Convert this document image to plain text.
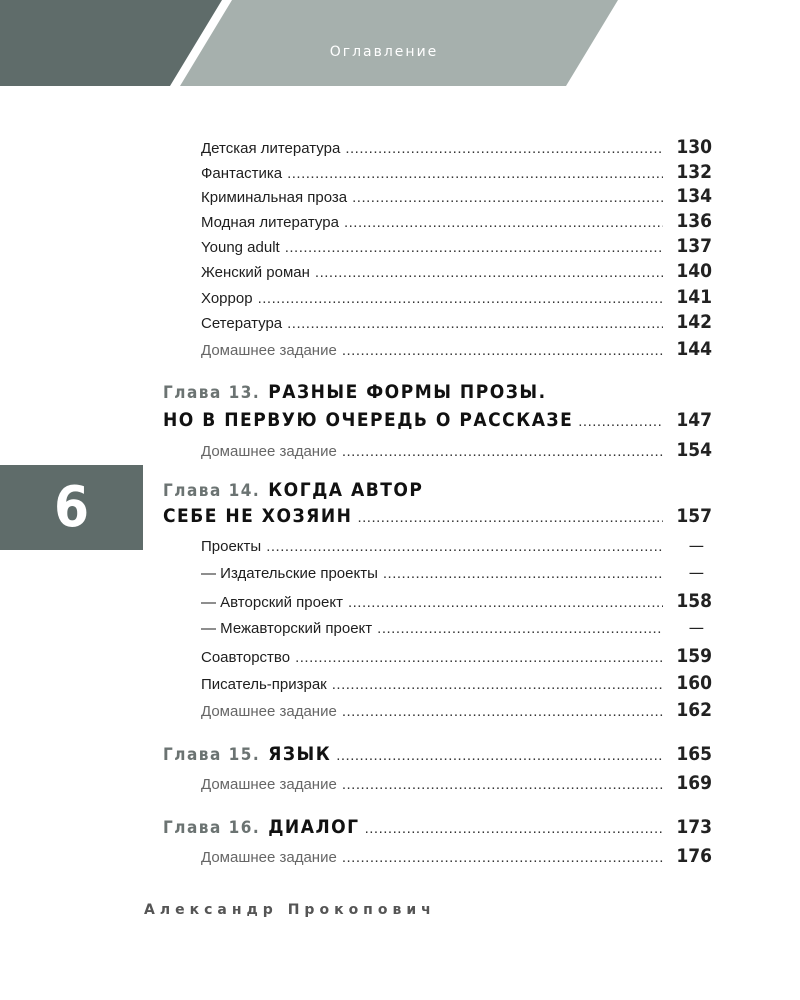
Оглавление
6
Детская литература .....	130
Фантастика .....	132
Криминальная проза .....	134
Модная литература .....	136
Young adult .....	137
Женский роман .....	140
Хоррор .....	141
Сетература .....	142
Домашнее задание .....	144
Глава 13. РАЗНЫЕ ФОРМЫ ПРОЗЫ.
НО В ПЕРВУЮ ОЧЕРЕДЬ О РАССКАЗЕ .....	147
Домашнее задание .....	154
Глава 14. КОГДА АВТОР
СЕБЕ НЕ ХОЗЯИН .....	157
Проекты .....	—
— Издательские проекты .....	—
— Авторский проект .....	158
— Межавторский проект .....	—
Соавторство .....	159
Писатель-призрак .....	160
Домашнее задание .....	162
Глава 15. ЯЗЫК .....	165
Домашнее задание .....	169
Глава 16. ДИАЛОГ .....	173
Домашнее задание .....	176
Александр Прокопович
